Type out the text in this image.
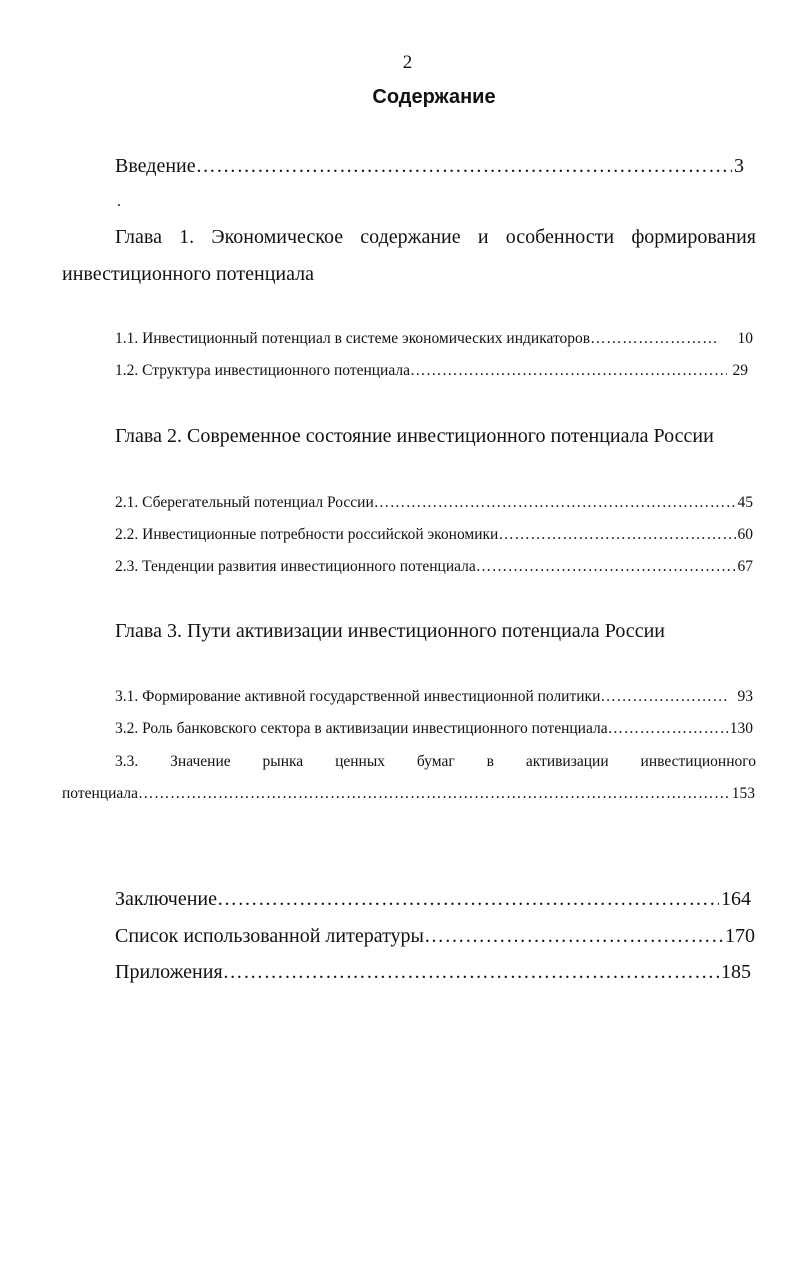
2
Содержание
Введение ……………………………………………………………………………………………………………………………………………………………………………………………………	3
Глава 1. Экономическое содержание и особенности формирования инвестиционного потенциала
1.1. Инвестиционный потенциал в системе экономических индикаторов ……………………………………………………………………………………………………………………………………………………………………………………………………	10
1.2. Структура инвестиционного потенциала ……………………………………………………………………………………………………………………………………………………………………………………………………	29
Глава 2. Современное состояние инвестиционного потенциала России
2.1. Сберегательный потенциал России ……………………………………………………………………………………………………………………………………………………………………………………………………	45
2.2. Инвестиционные потребности российской экономики ……………………………………………………………………………………………………………………………………………………………………………………………………	60
2.3. Тенденции развития инвестиционного потенциала ……………………………………………………………………………………………………………………………………………………………………………………………………	67
Глава 3. Пути активизации инвестиционного потенциала России
3.1. Формирование активной государственной инвестиционной политики ……………………………………………………………………………………………………………………………………………………………………………………………………	93
3.2. Роль банковского сектора в активизации инвестиционного потенциала ……………………………………………………………………………………………………………………………………………………………………………………………………	130
3.3. Значение рынка ценных бумаг в активизации инвестиционного
потенциала ……………………………………………………………………………………………………………………………………………………………………………………………………	153
Заключение ……………………………………………………………………………………………………………………………………………………………………………………………………	164
Список использованной литературы ……………………………………………………………………………………………………………………………………………………………………………………………………	170
Приложения ……………………………………………………………………………………………………………………………………………………………………………………………………	185
